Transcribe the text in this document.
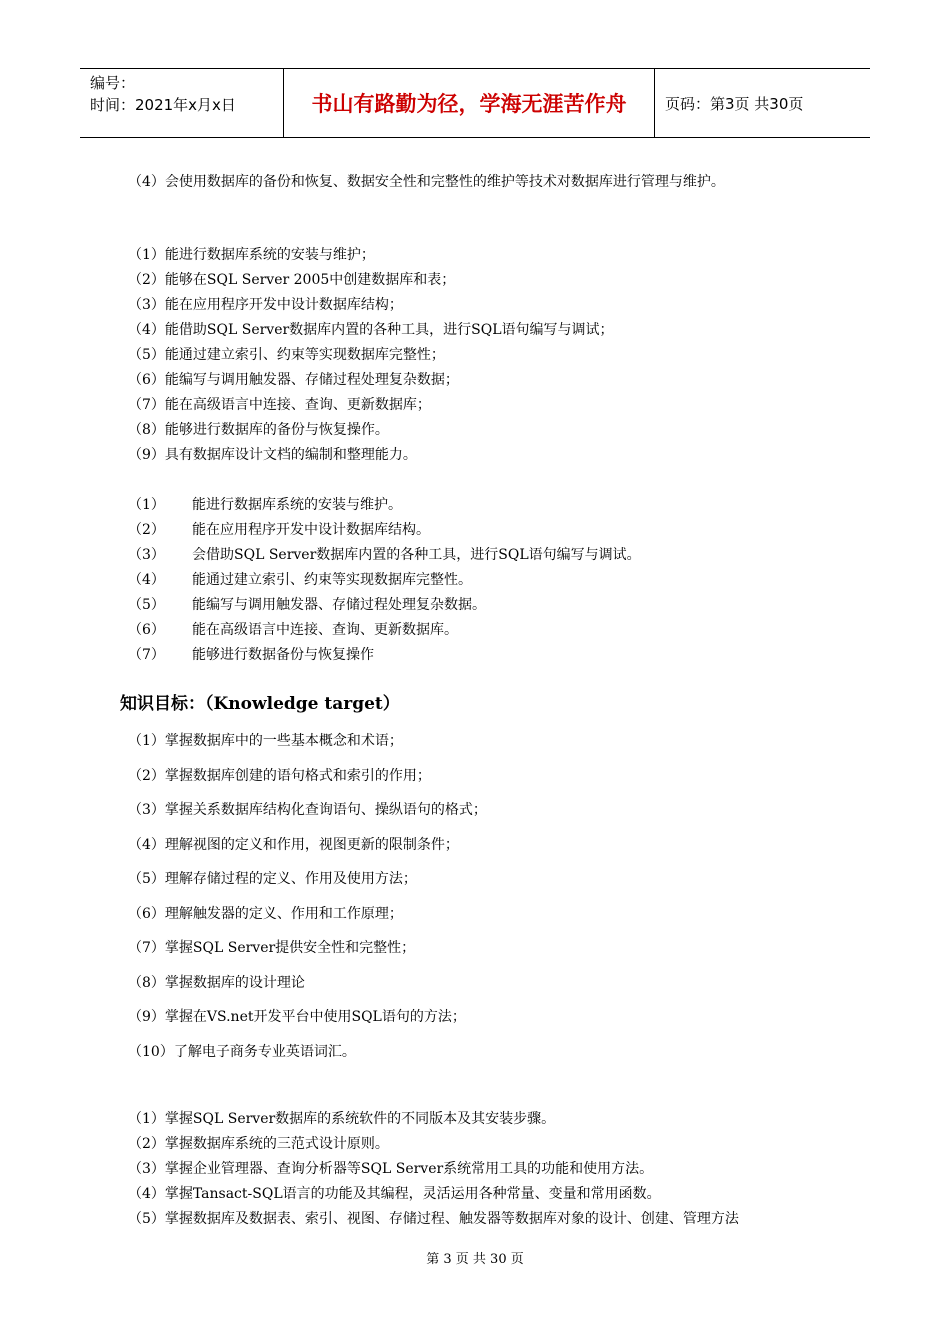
编号：
时间：2021年x月x日	书山有路勤为径，学海无涯苦作舟	页码：第3页 共30页
（4）会使用数据库的备份和恢复、数据安全性和完整性的维护等技术对数据库进行管理与维护。
（1）能进行数据库系统的安装与维护；
（2）能够在SQL Server 2005中创建数据库和表；
（3）能在应用程序开发中设计数据库结构；
（4）能借助SQL Server数据库内置的各种工具，进行SQL语句编写与调试；
（5）能通过建立索引、约束等实现数据库完整性；
（6）能编写与调用触发器、存储过程处理复杂数据；
（7）能在高级语言中连接、查询、更新数据库；
（8）能够进行数据库的备份与恢复操作。
（9）具有数据库设计文档的编制和整理能力。
（1） 能进行数据库系统的安装与维护。
（2） 能在应用程序开发中设计数据库结构。
（3） 会借助SQL Server数据库内置的各种工具，进行SQL语句编写与调试。
（4） 能通过建立索引、约束等实现数据库完整性。
（5） 能编写与调用触发器、存储过程处理复杂数据。
（6） 能在高级语言中连接、查询、更新数据库。
（7） 能够进行数据备份与恢复操作
知识目标：（Knowledge target）
（1）掌握数据库中的一些基本概念和术语；
（2）掌握数据库创建的语句格式和索引的作用；
（3）掌握关系数据库结构化查询语句、操纵语句的格式；
（4）理解视图的定义和作用，视图更新的限制条件；
（5）理解存储过程的定义、作用及使用方法；
（6）理解触发器的定义、作用和工作原理；
（7）掌握SQL Server提供安全性和完整性；
（8）掌握数据库的设计理论
（9）掌握在VS.net开发平台中使用SQL语句的方法；
（10）了解电子商务专业英语词汇。
（1）掌握SQL Server数据库的系统软件的不同版本及其安装步骤。
（2）掌握数据库系统的三范式设计原则。
（3）掌握企业管理器、查询分析器等SQL Server系统常用工具的功能和使用方法。
（4）掌握Tansact-SQL语言的功能及其编程，灵活运用各种常量、变量和常用函数。
（5）掌握数据库及数据表、索引、视图、存储过程、触发器等数据库对象的设计、创建、管理方法
第 3 页 共 30 页
